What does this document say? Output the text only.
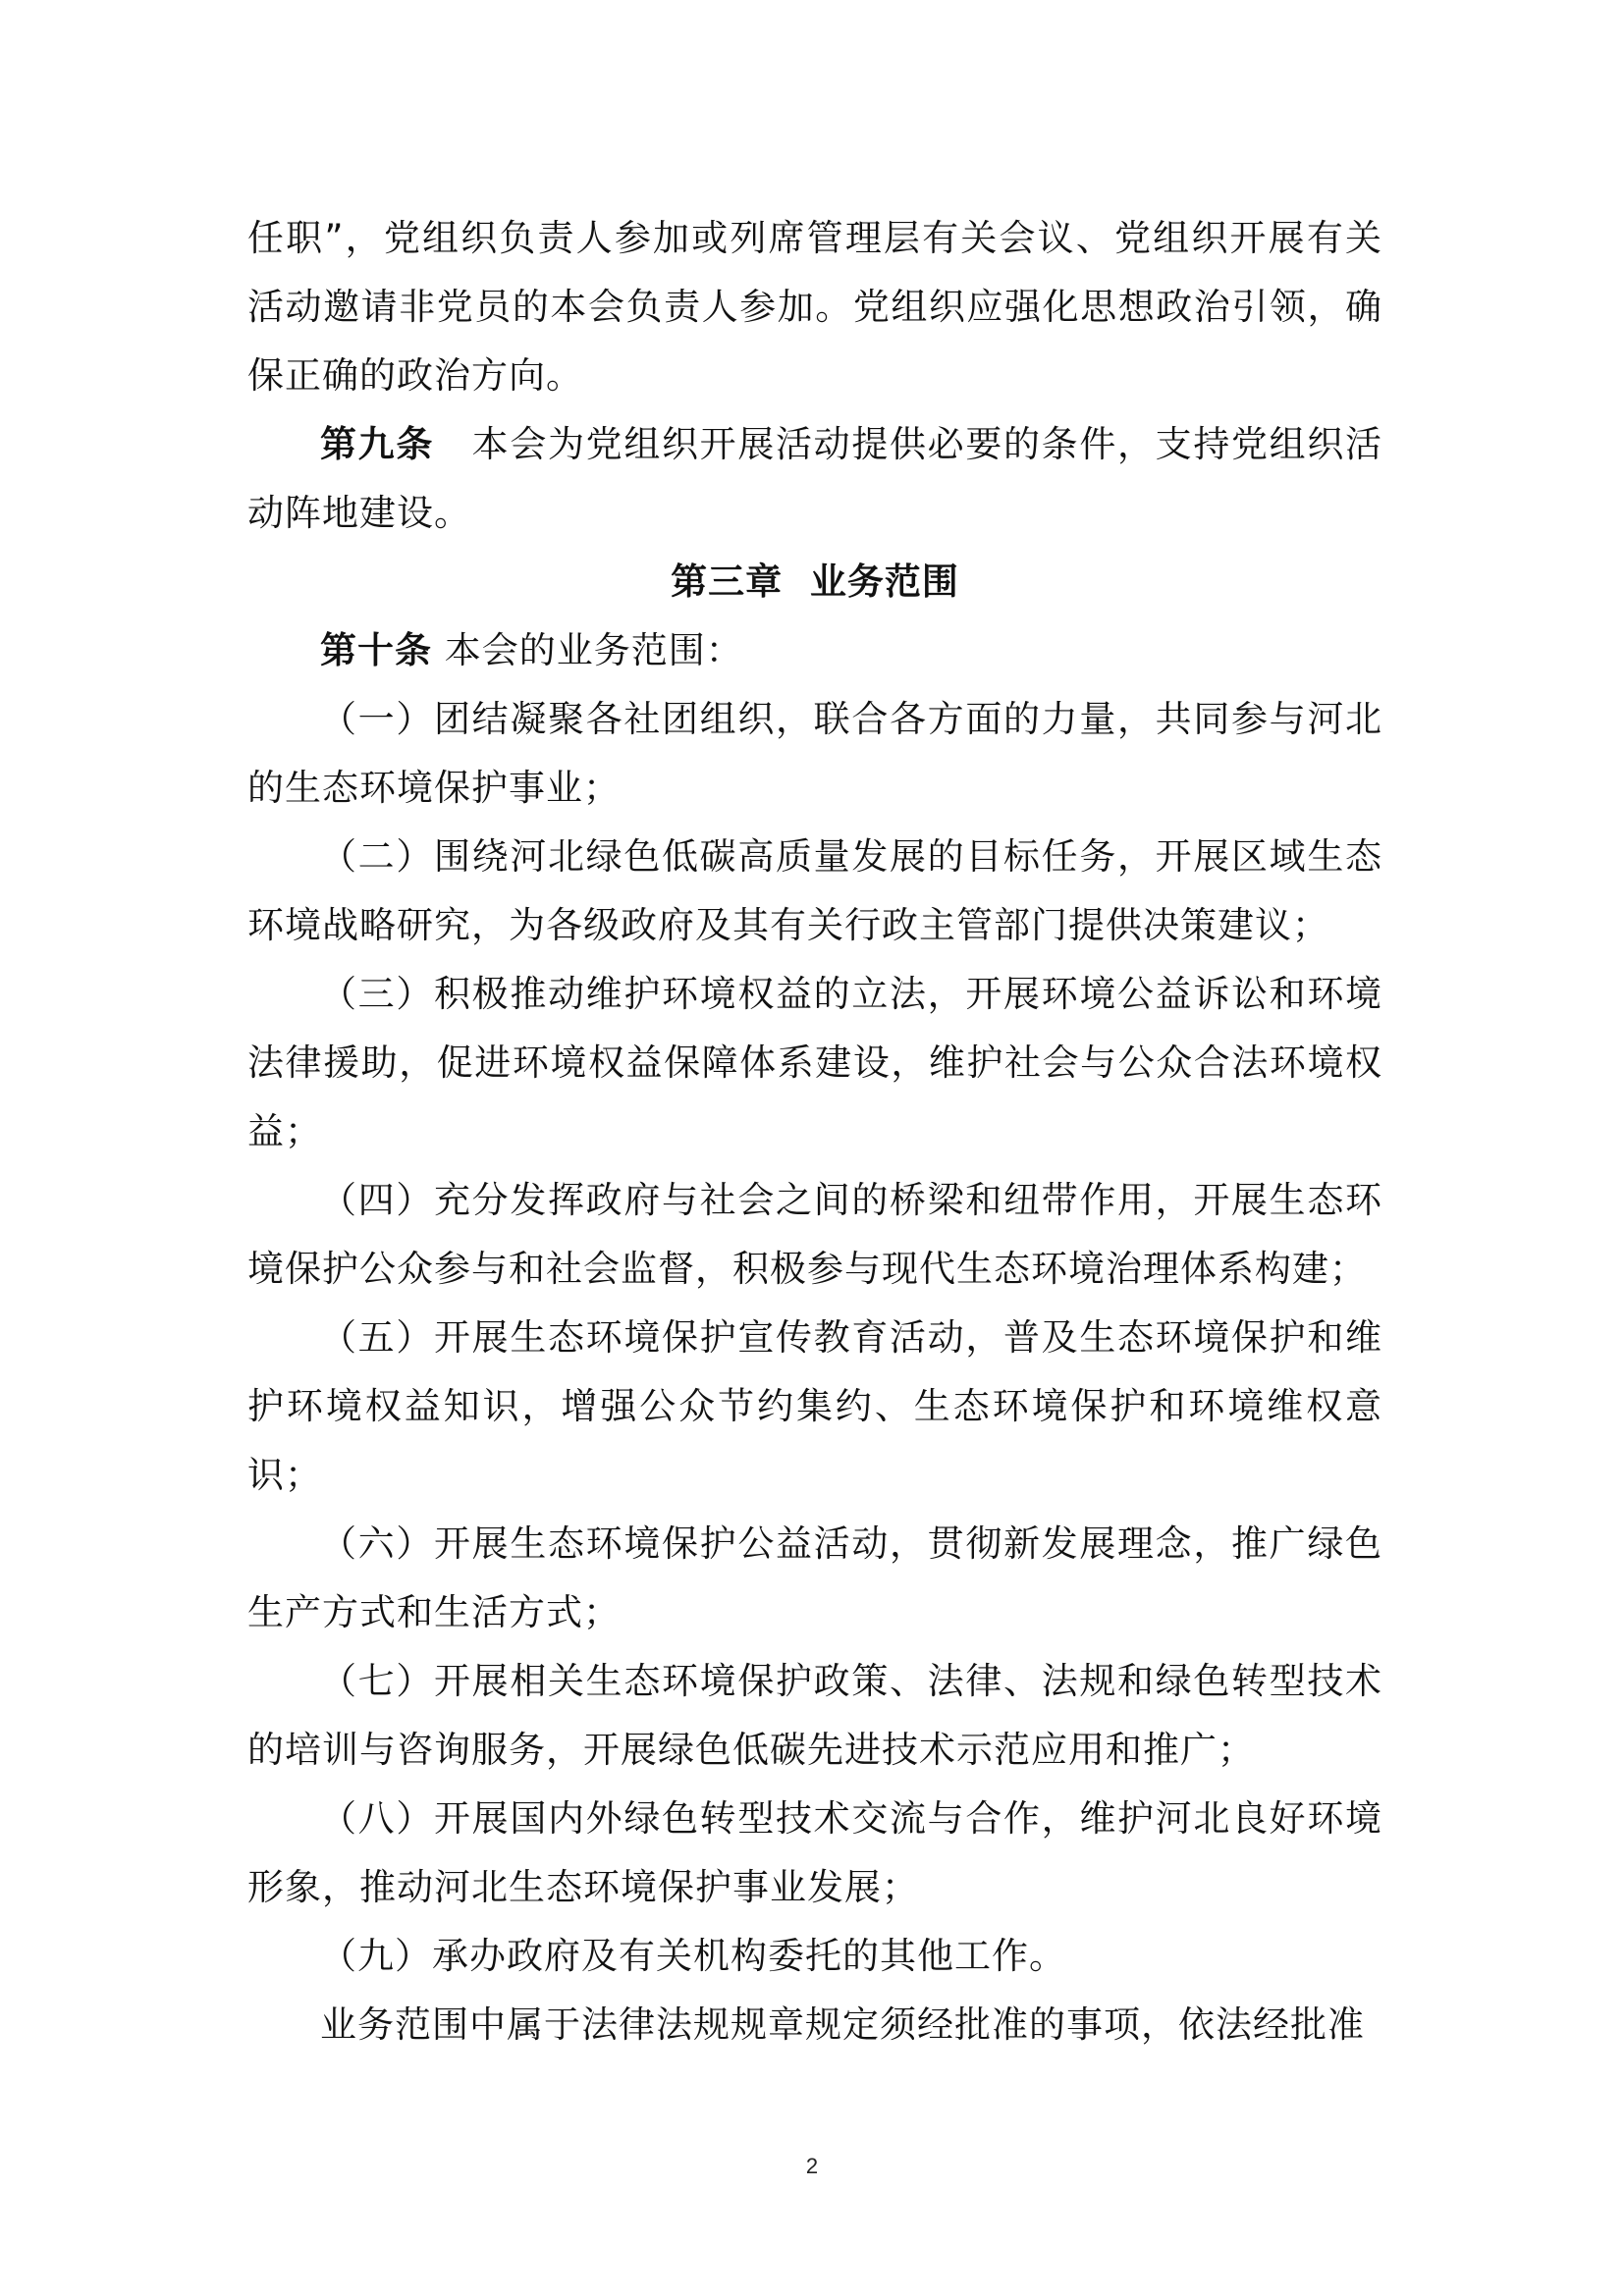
任职”，党组织负责人参加或列席管理层有关会议、党组织开展有关活动邀请非党员的本会负责人参加。党组织应强化思想政治引领，确保正确的政治方向。

第九条　本会为党组织开展活动提供必要的条件，支持党组织活动阵地建设。

第三章  业务范围

第十条 本会的业务范围：

（一）团结凝聚各社团组织，联合各方面的力量，共同参与河北的生态环境保护事业；

（二）围绕河北绿色低碳高质量发展的目标任务，开展区域生态环境战略研究，为各级政府及其有关行政主管部门提供决策建议；

（三）积极推动维护环境权益的立法，开展环境公益诉讼和环境法律援助，促进环境权益保障体系建设，维护社会与公众合法环境权益；

（四）充分发挥政府与社会之间的桥梁和纽带作用，开展生态环境保护公众参与和社会监督，积极参与现代生态环境治理体系构建；

（五）开展生态环境保护宣传教育活动，普及生态环境保护和维护环境权益知识，增强公众节约集约、生态环境保护和环境维权意识；

（六）开展生态环境保护公益活动，贯彻新发展理念，推广绿色生产方式和生活方式；

（七）开展相关生态环境保护政策、法律、法规和绿色转型技术的培训与咨询服务，开展绿色低碳先进技术示范应用和推广；

（八）开展国内外绿色转型技术交流与合作，维护河北良好环境形象，推动河北生态环境保护事业发展；

（九）承办政府及有关机构委托的其他工作。

业务范围中属于法律法规规章规定须经批准的事项，依法经批准

2
